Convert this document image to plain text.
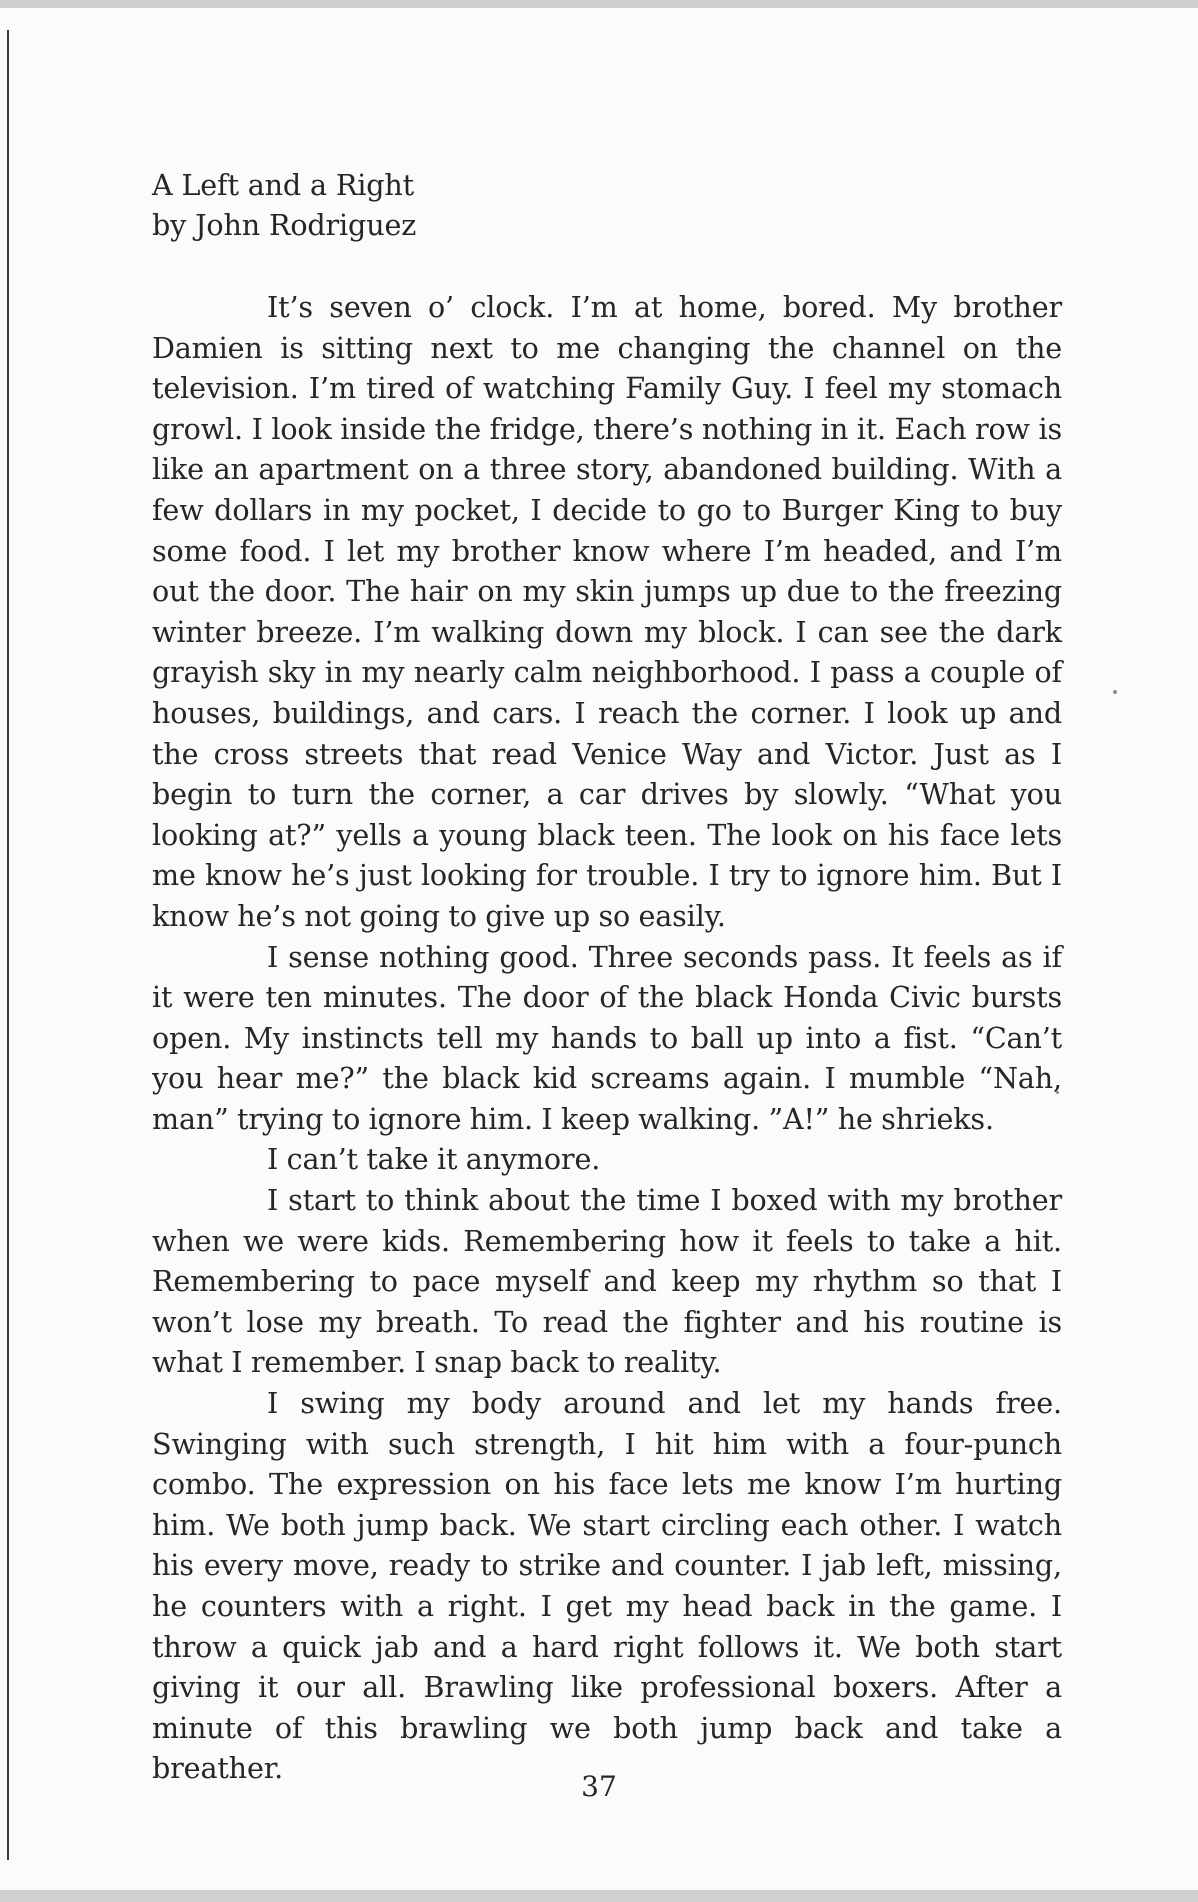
A Left and a Right
by John Rodriguez

It’s seven o’ clock. I’m at home, bored. My brother Damien is sitting next to me changing the channel on the television. I’m tired of watching Family Guy. I feel my stomach growl. I look inside the fridge, there’s nothing in it. Each row is like an apartment on a three story, abandoned building. With a few dollars in my pocket, I decide to go to Burger King to buy some food. I let my brother know where I’m headed, and I’m out the door. The hair on my skin jumps up due to the freezing winter breeze. I’m walking down my block. I can see the dark grayish sky in my nearly calm neighborhood. I pass a couple of houses, buildings, and cars. I reach the corner. I look up and the cross streets that read Venice Way and Victor. Just as I begin to turn the corner, a car drives by slowly. “What you looking at?” yells a young black teen. The look on his face lets me know he’s just looking for trouble. I try to ignore him. But I know he’s not going to give up so easily.

I sense nothing good. Three seconds pass. It feels as if it were ten minutes. The door of the black Honda Civic bursts open. My instincts tell my hands to ball up into a fist. “Can’t you hear me?” the black kid screams again. I mumble “Nah, man” trying to ignore him. I keep walking. ”A!” he shrieks.

I can’t take it anymore.

I start to think about the time I boxed with my brother when we were kids. Remembering how it feels to take a hit. Remembering to pace myself and keep my rhythm so that I won’t lose my breath. To read the fighter and his routine is what I remember. I snap back to reality.

I swing my body around and let my hands free. Swinging with such strength, I hit him with a four-punch combo. The expression on his face lets me know I’m hurting him. We both jump back. We start circling each other. I watch his every move, ready to strike and counter. I jab left, missing, he counters with a right. I get my head back in the game. I throw a quick jab and a hard right follows it. We both start giving it our all. Brawling like professional boxers. After a minute of this brawling we both jump back and take a breather.

37
